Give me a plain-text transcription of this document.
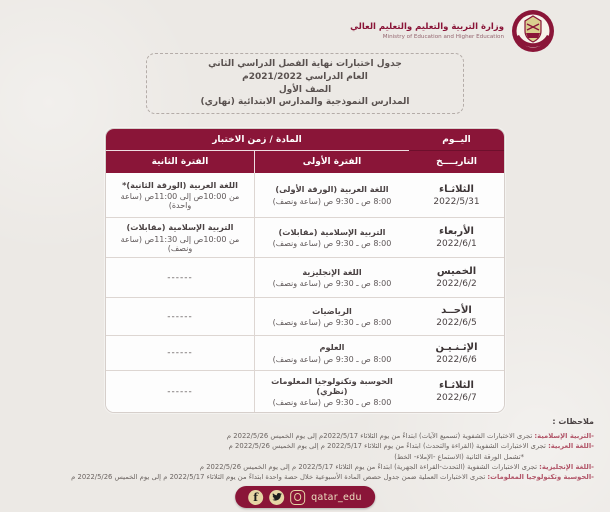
وزارة التربية والتعليم والتعليم العالي
Ministry of Education and Higher Education
جدول اختبارات نهاية الفصل الدراسي الثاني
العام الدراسي 2021/2022م
الصف الأول
المدارس النموذجية والمدارس الابتدائية (نهاري)
اليــوم
المادة / زمن الاختبار
التاريــــخ
الفترة الأولى
الفترة الثانية
الثلاثـاء
2022/5/31
اللغة العربية (الورقة الأولى)
8:00 ص ـ 9:30 ص (ساعة ونصف)
اللغة العربية (الورقة الثانية)*
من 10:00ص إلى 11:00ص (ساعة واحدة)
الأربعاء
2022/6/1
التربية الإسلامية (مقابلات)
8:00 ص ـ 9:30 ص (ساعة ونصف)
التربية الإسلامية (مقابلات)
من 10:00ص إلى 11:30ص (ساعة ونصف)
الخميس
2022/6/2
اللغة الإنجليزية
8:00 ص ـ 9:30 ص (ساعة ونصف)
------
الأحــد
2022/6/5
الرياضيات
8:00 ص ـ 9:30 ص (ساعة ونصف)
------
الإثـنـيـن
2022/6/6
العلوم
8:00 ص ـ 9:30 ص (ساعة ونصف)
------
الثلاثـاء
2022/6/7
الحوسبة وتكنولوجيا المعلومات (نظري)
8:00 ص ـ 9:30 ص (ساعة ونصف)
------
ملاحظات :
-التربية الإسلامية: تجرى الاختبارات الشفوية (تسميع الآيات) ابتداءً من يوم الثلاثاء 2022/5/17م إلى يوم الخميس 2022/5/26 م
-اللغة العربية: تجرى الاختبارات الشفوية (القراءة والتحدث) ابتداءً من يوم الثلاثاء 2022/5/17 م إلى يوم الخميس 2022/5/26 م
*تشمل الورقة الثانية (الاستماع -الإملاء- الخط)
-اللغة الإنجليزية: تجرى الاختبارات الشفوية (التحدث-القراءة الجهرية) ابتداءً من يوم الثلاثاء 2022/5/17 م إلى يوم الخميس 2022/5/26 م
-الحوسبة وتكنولوجيا المعلومات: تجرى الاختبارات العملية ضمن جدول حصص المادة الأسبوعية خلال حصة واحدة ابتداءً من يوم الثلاثاء 2022/5/17 م إلى يوم الخميس 2022/5/26 م
f	qatar_edu
